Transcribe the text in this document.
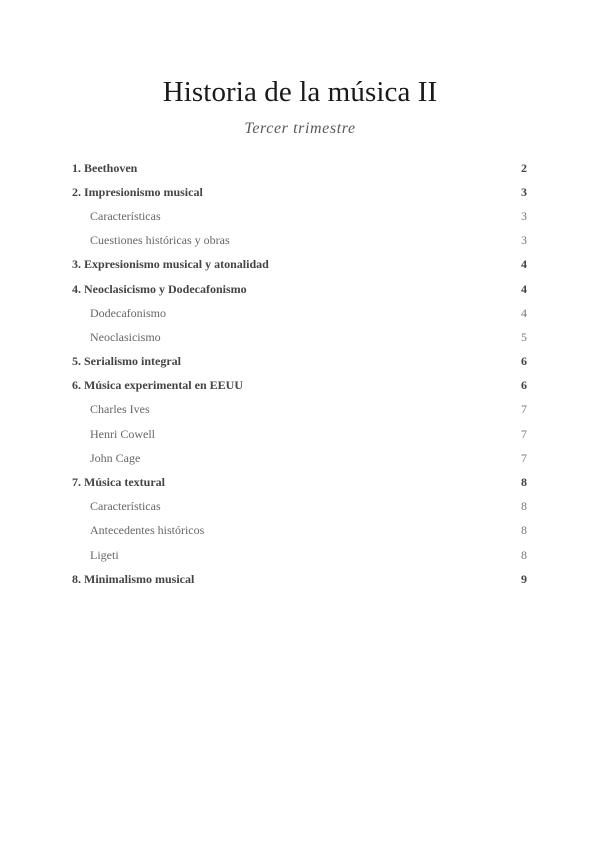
Historia de la música II
Tercer trimestre
1. Beethoven	2
2. Impresionismo musical	3
Características	3
Cuestiones históricas y obras	3
3. Expresionismo musical y atonalidad	4
4. Neoclasicismo y Dodecafonismo	4
Dodecafonismo	4
Neoclasicismo	5
5. Serialismo integral	6
6. Música experimental en EEUU	6
Charles Ives	7
Henri Cowell	7
John Cage	7
7. Música textural	8
Características	8
Antecedentes históricos	8
Ligeti	8
8. Minimalismo musical	9
